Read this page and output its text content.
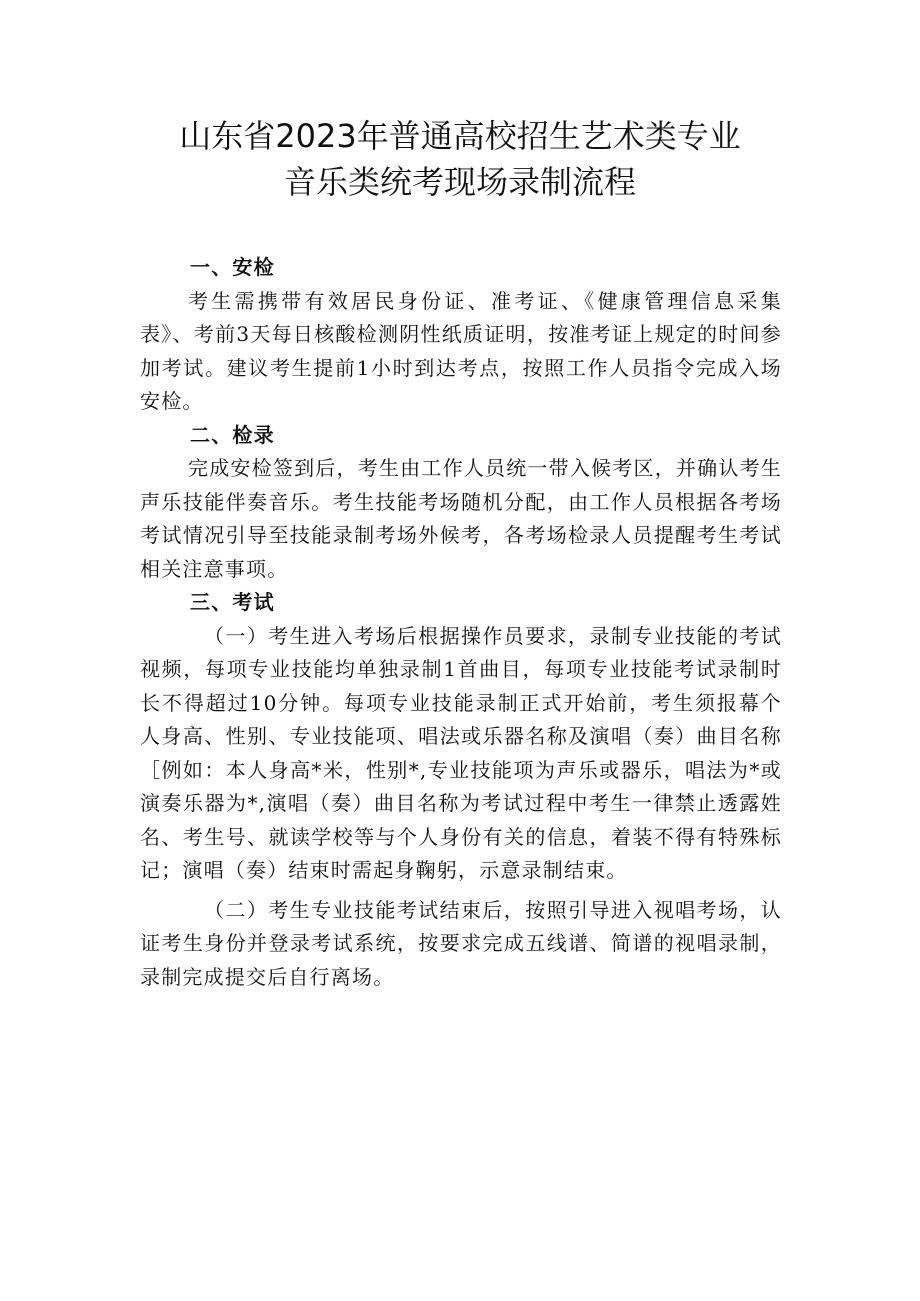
山东省2023年普通高校招生艺术类专业
音乐类统考现场录制流程

一、安检

考生需携带有效居民身份证、准考证、《健康管理信息采集表》、考前3天每日核酸检测阴性纸质证明，按准考证上规定的时间参加考试。建议考生提前1小时到达考点，按照工作人员指令完成入场安检。

二、检录

完成安检签到后，考生由工作人员统一带入候考区，并确认考生声乐技能伴奏音乐。考生技能考场随机分配，由工作人员根据各考场考试情况引导至技能录制考场外候考，各考场检录人员提醒考生考试相关注意事项。

三、考试

（一）考生进入考场后根据操作员要求，录制专业技能的考试视频，每项专业技能均单独录制1首曲目，每项专业技能考试录制时长不得超过10分钟。每项专业技能录制正式开始前，考生须报幕个人身高、性别、专业技能项、唱法或乐器名称及演唱（奏）曲目名称［例如：本人身高*米，性别*,专业技能项为声乐或器乐，唱法为*或演奏乐器为*,演唱（奏）曲目名称为考试过程中考生一律禁止透露姓名、考生号、就读学校等与个人身份有关的信息，着装不得有特殊标记；演唱（奏）结束时需起身鞠躬，示意录制结束。

（二）考生专业技能考试结束后，按照引导进入视唱考场，认证考生身份并登录考试系统，按要求完成五线谱、简谱的视唱录制，录制完成提交后自行离场。
